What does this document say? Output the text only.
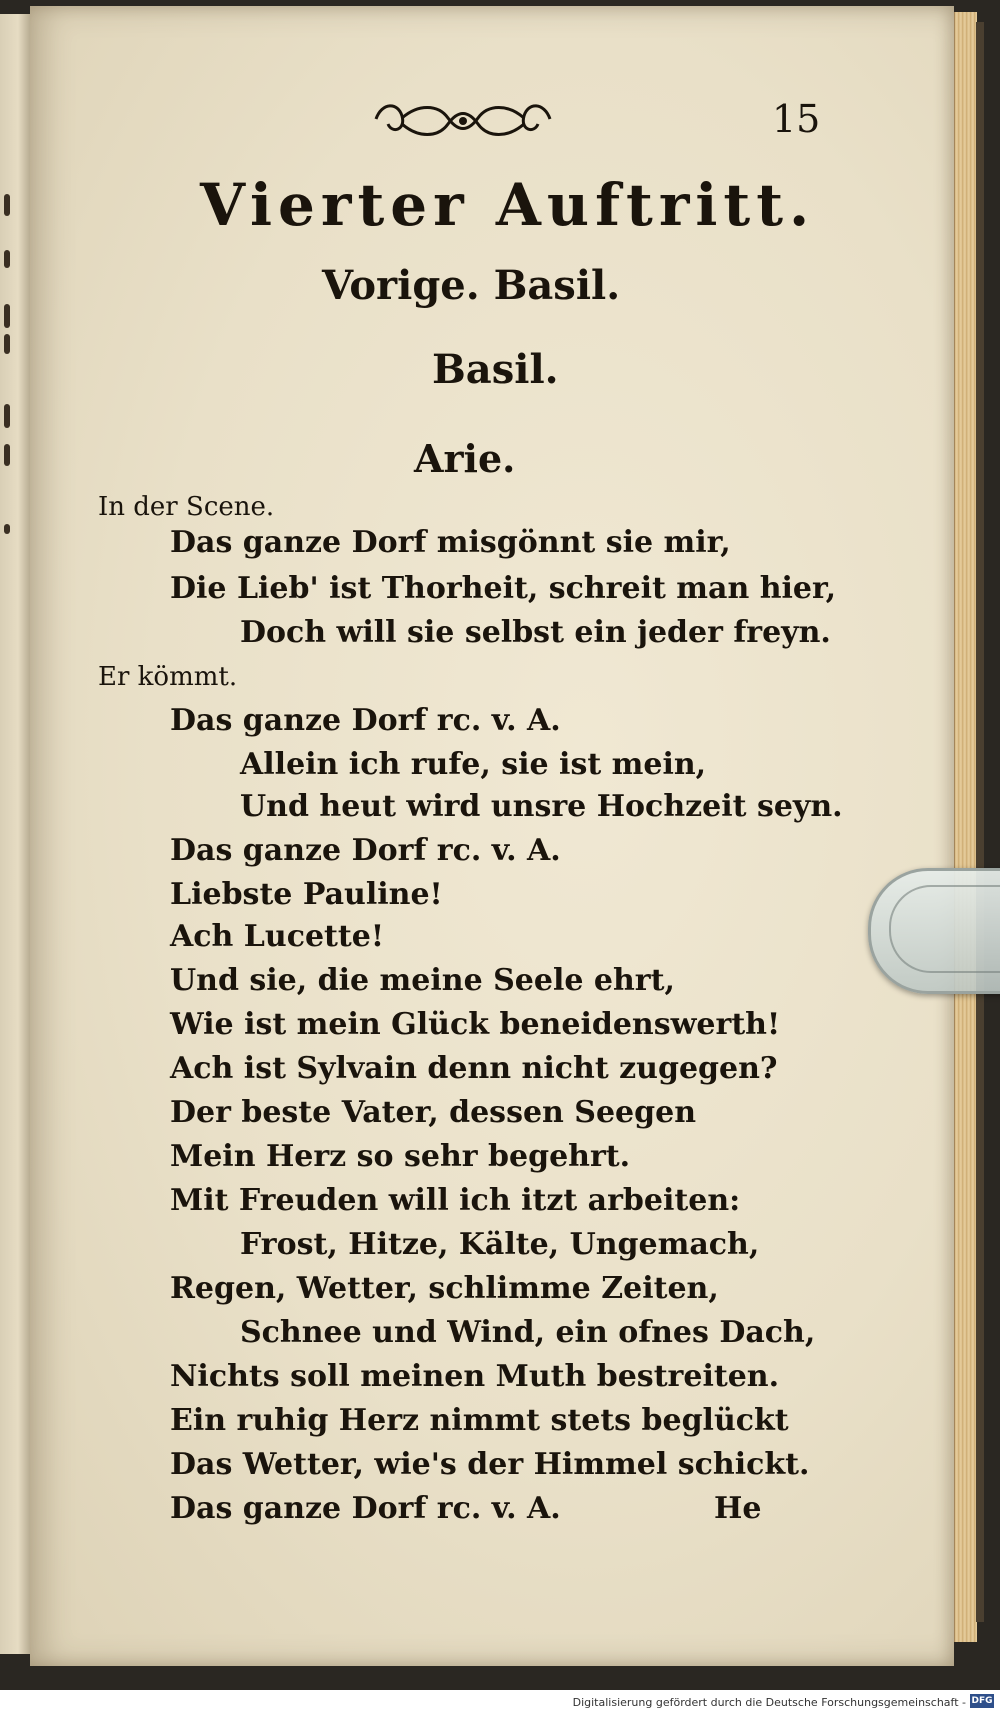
15
Vierter Auftritt.
Vorige. Basil.
Basil.
Arie.
In der Scene.
Das ganze Dorf misgönnt sie mir,
Die Lieb' ist Thorheit, schreit man hier,
Doch will sie selbst ein jeder freyn.
Er kömmt.
Das ganze Dorf rc. v. A.
Allein ich rufe, sie ist mein,
Und heut wird unsre Hochzeit seyn.
Das ganze Dorf rc. v. A.
Liebste Pauline!
Ach Lucette!
Und sie, die meine Seele ehrt,
Wie ist mein Glück beneidenswerth!
Ach ist Sylvain denn nicht zugegen?
Der beste Vater, dessen Seegen
Mein Herz so sehr begehrt.
Mit Freuden will ich itzt arbeiten:
Frost, Hitze, Kälte, Ungemach,
Regen, Wetter, schlimme Zeiten,
Schnee und Wind, ein ofnes Dach,
Nichts soll meinen Muth bestreiten.
Ein ruhig Herz nimmt stets beglückt
Das Wetter, wie's der Himmel schickt.
Das ganze Dorf rc. v. A.	He
Digitalisierung gefördert durch die Deutsche Forschungsgemeinschaft - DFG
